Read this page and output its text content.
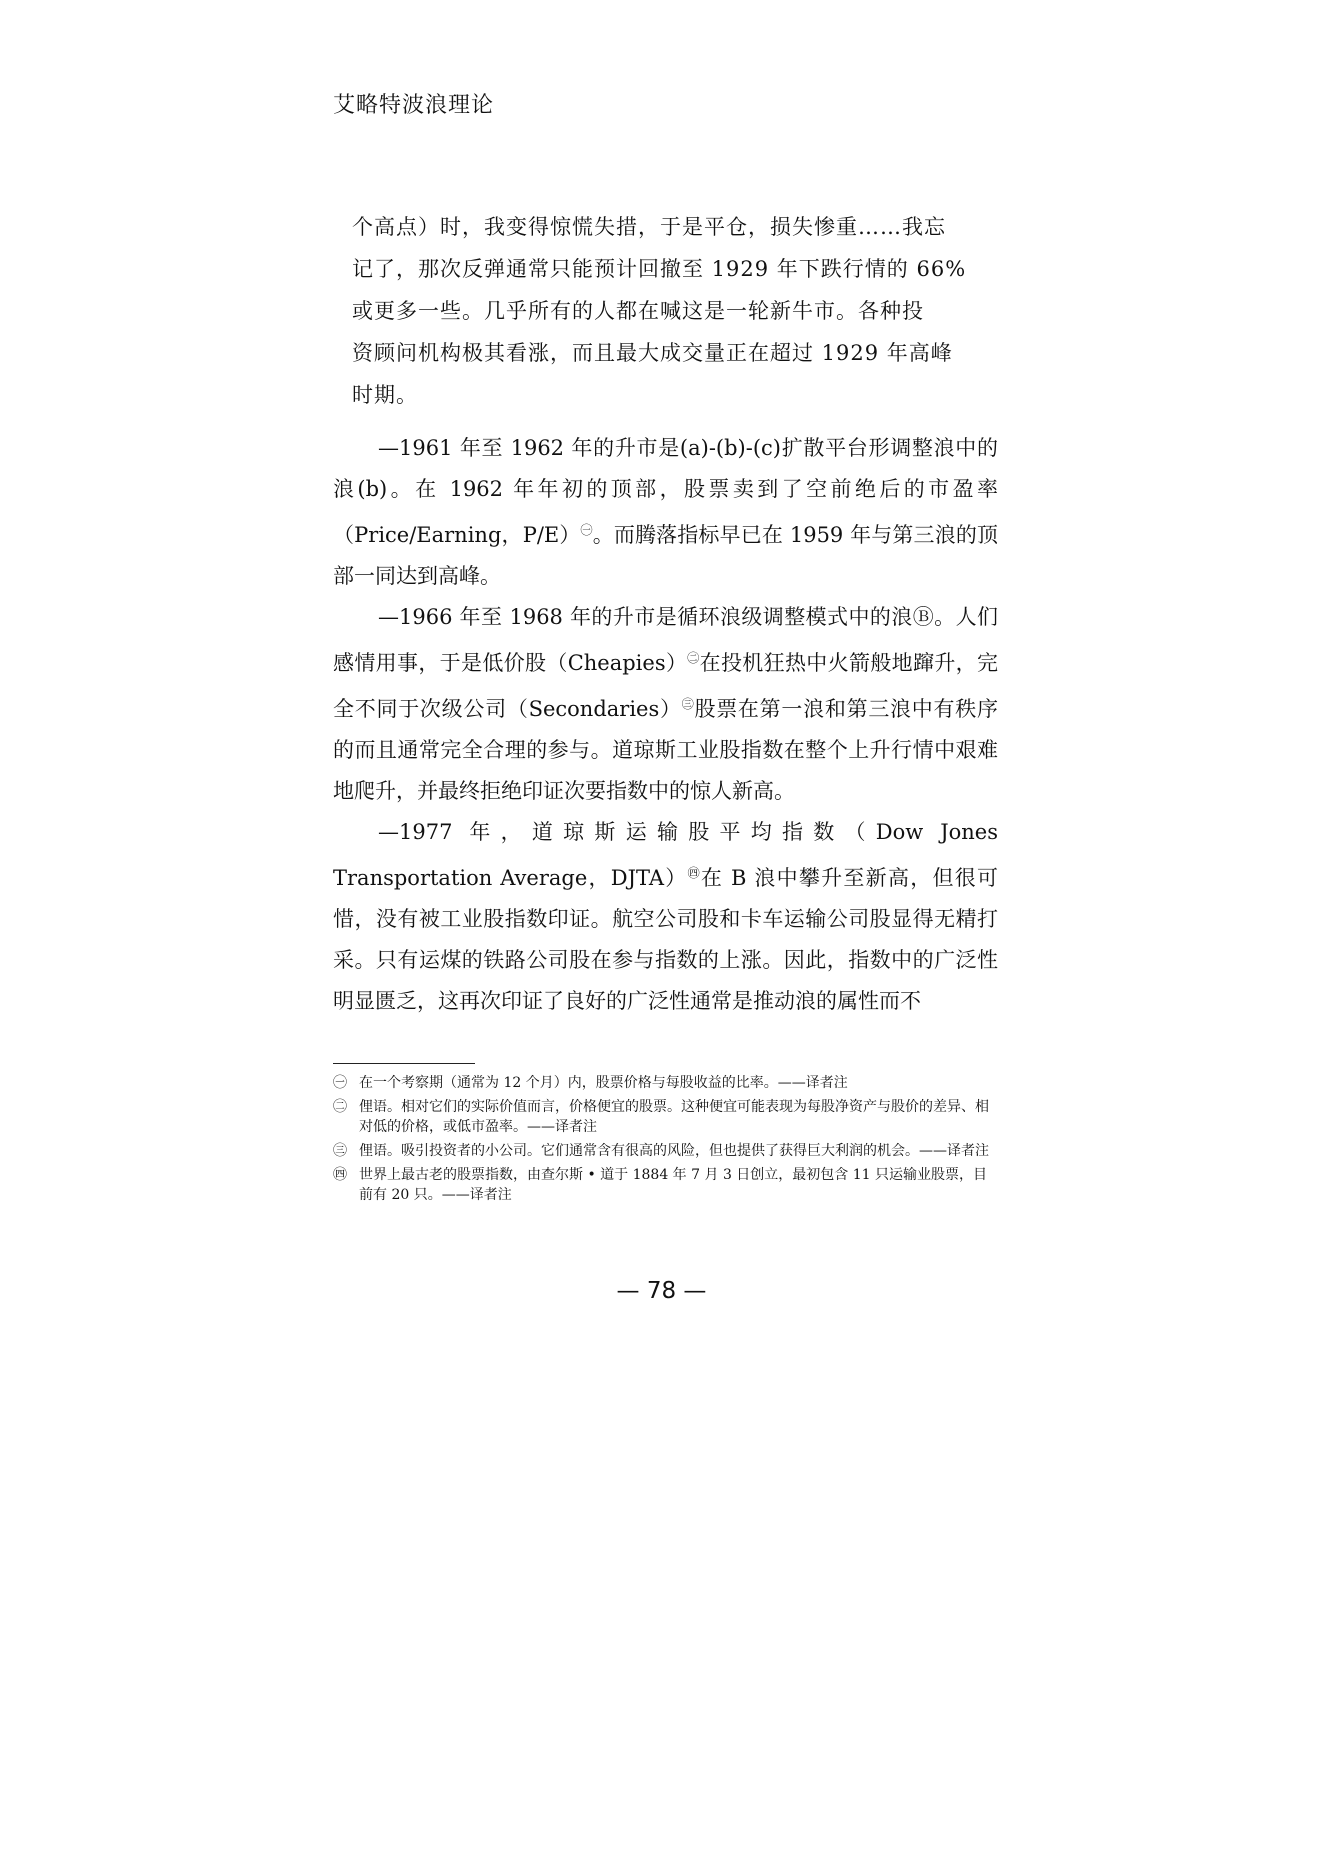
艾略特波浪理论

个高点）时，我变得惊慌失措，于是平仓，损失惨重……我忘

记了，那次反弹通常只能预计回撤至 1929 年下跌行情的 66%

或更多一些。几乎所有的人都在喊这是一轮新牛市。各种投

资顾问机构极其看涨，而且最大成交量正在超过 1929 年高峰

时期。

—1961 年至 1962 年的升市是(a)-(b)-(c)扩散平台形调整浪中的浪(b)。在 1962 年年初的顶部，股票卖到了空前绝后的市盈率（Price/Earning，P/E）$^㊀$。而腾落指标早已在 1959 年与第三浪的顶部一同达到高峰。

—1966 年至 1968 年的升市是循环浪级调整模式中的浪Ⓑ。人们感情用事，于是低价股（Cheapies）$^㊁$在投机狂热中火箭般地蹿升，完全不同于次级公司（Secondaries）$^㊂$股票在第一浪和第三浪中有秩序的而且通常完全合理的参与。道琼斯工业股指数在整个上升行情中艰难地爬升，并最终拒绝印证次要指数中的惊人新高。

—1977 年，道琼斯运输股平均指数（Dow Jones Transportation Average，DJTA）$^㊃$在 B 浪中攀升至新高，但很可惜，没有被工业股指数印证。航空公司股和卡车运输公司股显得无精打采。只有运煤的铁路公司股在参与指数的上涨。因此，指数中的广泛性明显匮乏，这再次印证了良好的广泛性通常是推动浪的属性而不

㊀ 在一个考察期（通常为 12 个月）内，股票价格与每股收益的比率。——译者注
㊁ 俚语。相对它们的实际价值而言，价格便宜的股票。这种便宜可能表现为每股净资产与股价的差异、相对低的价格，或低市盈率。——译者注
㊂ 俚语。吸引投资者的小公司。它们通常含有很高的风险，但也提供了获得巨大利润的机会。——译者注
㊃ 世界上最古老的股票指数，由查尔斯 • 道于 1884 年 7 月 3 日创立，最初包含 11 只运输业股票，目前有 20 只。——译者注
— 78 —
